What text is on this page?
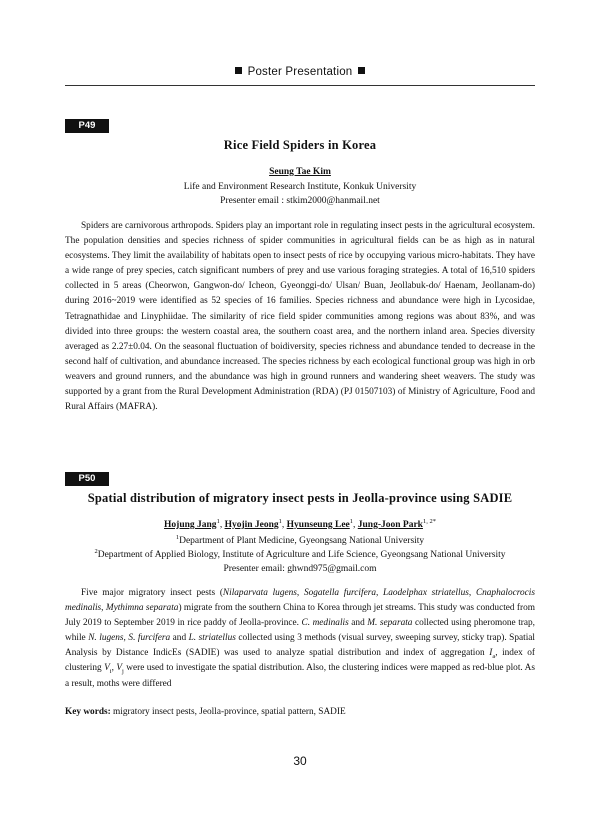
Poster Presentation
P49
Rice Field Spiders in Korea
Seung Tae Kim
Life and Environment Research Institute, Konkuk University
Presenter email : stkim2000@hanmail.net
Spiders are carnivorous arthropods. Spiders play an important role in regulating insect pests in the agricultural ecosystem. The population densities and species richness of spider communities in agricultural fields can be as high as in natural ecosystems. They limit the availability of habitats open to insect pests of rice by occupying various micro-habitats. They have a wide range of prey species, catch significant numbers of prey and use various foraging strategies. A total of 16,510 spiders collected in 5 areas (Cheorwon, Gangwon-do/ Icheon, Gyeonggi-do/ Ulsan/ Buan, Jeollabuk-do/ Haenam, Jeollanam-do) during 2016~2019 were identified as 52 species of 16 families. Species richness and abundance were high in Lycosidae, Tetragnathidae and Linyphiidae. The similarity of rice field spider communities among regions was about 83%, and was divided into three groups: the western coastal area, the southern coast area, and the northern inland area. Species diversity averaged as 2.27±0.04. On the seasonal fluctuation of boidiversity, species richness and abundance tended to decrease in the second half of cultivation, and abundance increased. The species richness by each ecological functional group was high in orb weavers and ground runners, and the abundance was high in ground runners and wandering sheet weavers. The study was supported by a grant from the Rural Development Administration (RDA) (PJ 01507103) of Ministry of Agriculture, Food and Rural Affairs (MAFRA).
P50
Spatial distribution of migratory insect pests in Jeolla-province using SADIE
Hojung Jang$^1$, Hyojin Jeong$^1$, Hyunseung Lee$^1$, Jung-Joon Park$^{1, 2*}$
$^1$Department of Plant Medicine, Gyeongsang National University
$^2$Department of Applied Biology, Institute of Agriculture and Life Science, Gyeongsang National University
Presenter email: ghwnd975@gmail.com
Five major migratory insect pests (Nilaparvata lugens, Sogatella furcifera, Laodelphax striatellus, Cnaphalocrocis medinalis, Mythimna separata) migrate from the southern China to Korea through jet streams. This study was conducted from July 2019 to September 2019 in rice paddy of Jeolla-province. C. medinalis and M. separata collected using pheromone trap, while N. lugens, S. furcifera and L. striatellus collected using 3 methods (visual survey, sweeping survey, sticky trap). Spatial Analysis by Distance IndicEs (SADIE) was used to analyze spatial distribution and index of aggregation $I_a$, index of clustering $V_i$, $V_j$ were used to investigate the spatial distribution. Also, the clustering indices were mapped as red-blue plot. As a result, moths were differed
Key words: migratory insect pests, Jeolla-province, spatial pattern, SADIE
30
